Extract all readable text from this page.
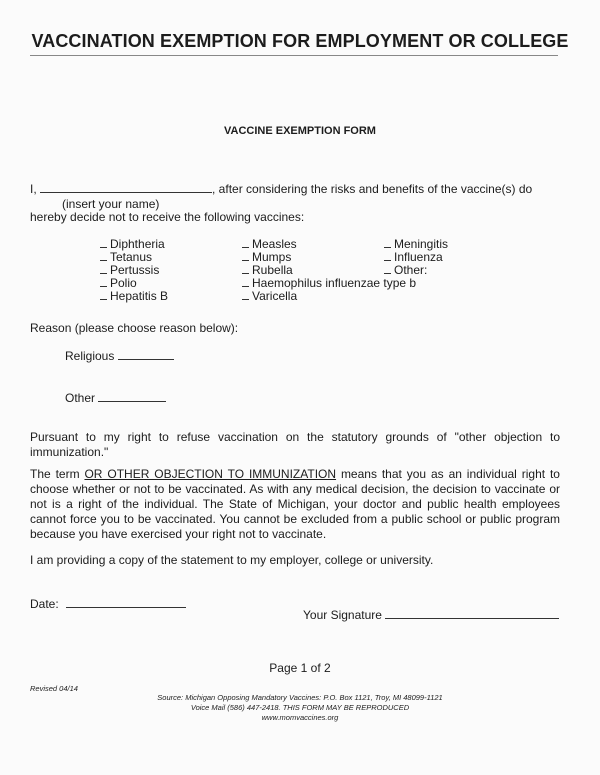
VACCINATION EXEMPTION FOR EMPLOYMENT OR COLLEGE
VACCINE EXEMPTION FORM
I,	, after considering the risks and benefits of the vaccine(s) do
(insert your name)
hereby decide not to receive the following vaccines:
Diphtheria
Tetanus
Pertussis
Polio
Hepatitis B
Measles
Mumps
Rubella
Haemophilus influenzae type b
Varicella
Meningitis
Influenza
Other:
Reason (please choose reason below):
Religious
Other
Pursuant to my right to refuse vaccination on the statutory grounds of "other objection to immunization."
The term OR OTHER OBJECTION TO IMMUNIZATION means that you as an individual right to choose whether or not to be vaccinated. As with any medical decision, the decision to vaccinate or not is a right of the individual. The State of Michigan, your doctor and public health employees cannot force you to be vaccinated. You cannot be excluded from a public school or public program because you have exercised your right not to vaccinate.
I am providing a copy of the statement to my employer, college or university.
Date:
Your Signature
Page 1 of 2
Revised 04/14
Source: Michigan Opposing Mandatory Vaccines: P.O. Box 1121, Troy, MI 48099-1121
Voice Mail (586) 447-2418. THIS FORM MAY BE REPRODUCED
www.momvaccines.org
